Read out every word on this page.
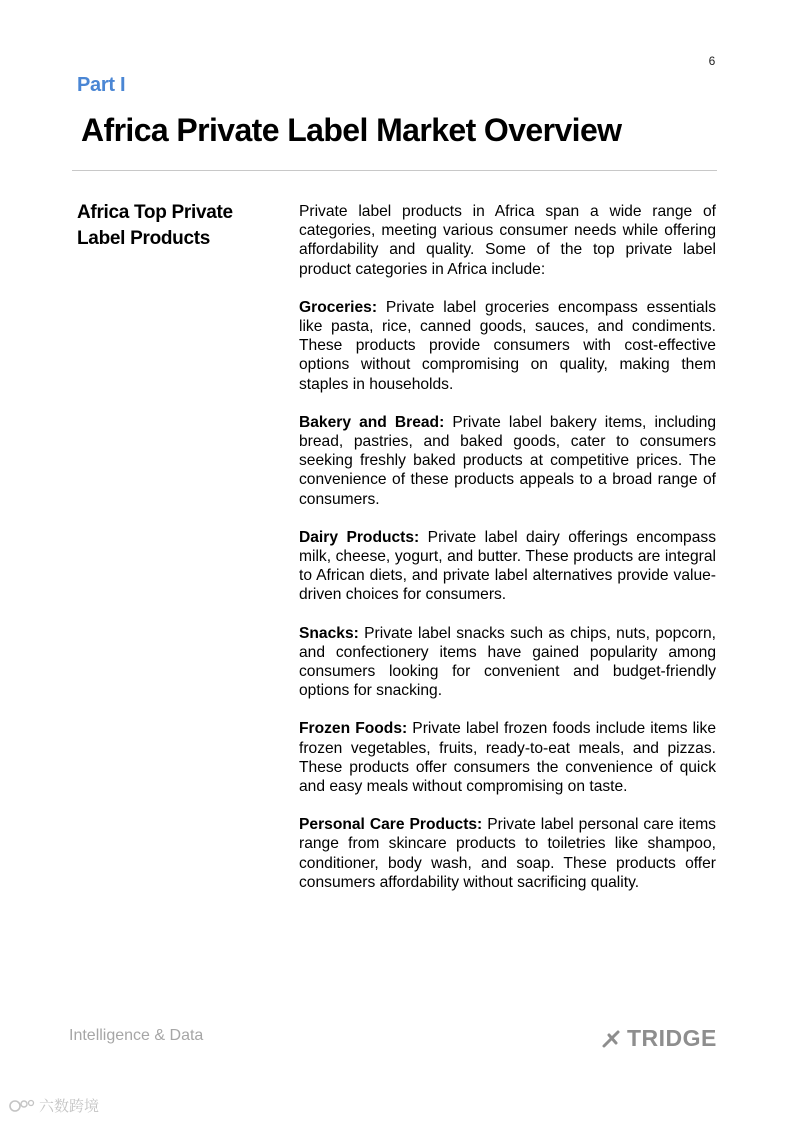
6
Part I
Africa Private Label Market Overview
Africa Top Private Label Products

Private label products in Africa span a wide range of categories, meeting various consumer needs while offering affordability and quality. Some of the top private label product categories in Africa include:

Groceries: Private label groceries encompass essentials like pasta, rice, canned goods, sauces, and condiments. These products provide consumers with cost-effective options without compromising on quality, making them staples in households.

Bakery and Bread: Private label bakery items, including bread, pastries, and baked goods, cater to consumers seeking freshly baked products at competitive prices. The convenience of these products appeals to a broad range of consumers.

Dairy Products: Private label dairy offerings encompass milk, cheese, yogurt, and butter. These products are integral to African diets, and private label alternatives provide value-driven choices for consumers.

Snacks: Private label snacks such as chips, nuts, popcorn, and confectionery items have gained popularity among consumers looking for convenient and budget-friendly options for snacking.

Frozen Foods: Private label frozen foods include items like frozen vegetables, fruits, ready-to-eat meals, and pizzas. These products offer consumers the convenience of quick and easy meals without compromising on taste.

Personal Care Products: Private label personal care items range from skincare products to toiletries like shampoo, conditioner, body wash, and soap. These products offer consumers affordability without sacrificing quality.

Intelligence & Data	TRIDGE
六数跨境
